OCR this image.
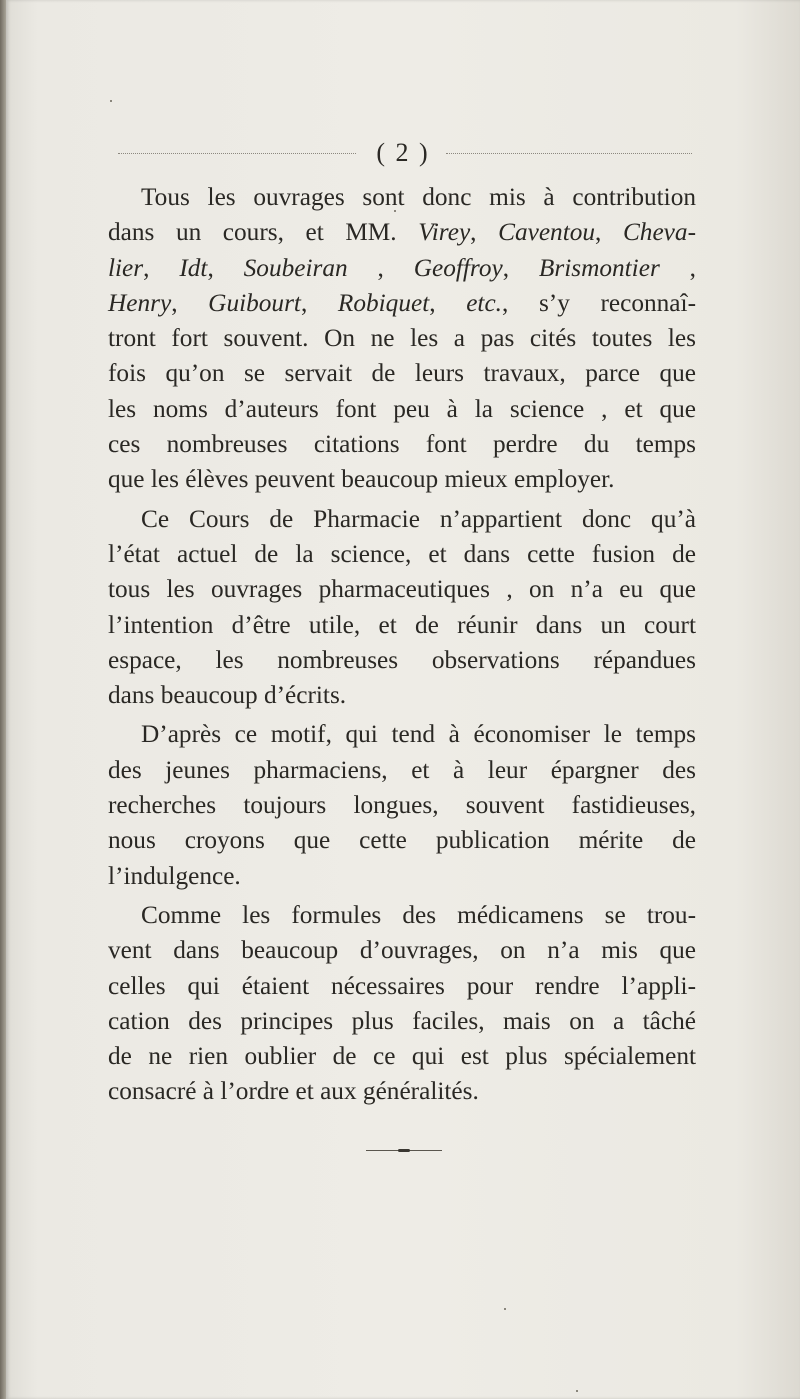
( 2 )
Tous les ouvrages sont donc mis à contribution
dans un cours, et MM. Virey, Caventou, Cheva-
lier, Idt, Soubeiran , Geoffroy, Brismontier ,
Henry, Guibourt, Robiquet, etc., s’y reconnaî-
tront fort souvent. On ne les a pas cités toutes les
fois qu’on se servait de leurs travaux, parce que
les noms d’auteurs font peu à la science , et que
ces nombreuses citations font perdre du temps
que les élèves peuvent beaucoup mieux employer.
Ce Cours de Pharmacie n’appartient donc qu’à
l’état actuel de la science, et dans cette fusion de
tous les ouvrages pharmaceutiques , on n’a eu que
l’intention d’être utile, et de réunir dans un court
espace, les nombreuses observations répandues
dans beaucoup d’écrits.
D’après ce motif, qui tend à économiser le temps
des jeunes pharmaciens, et à leur épargner des
recherches toujours longues, souvent fastidieuses,
nous croyons que cette publication mérite de
l’indulgence.
Comme les formules des médicamens se trou-
vent dans beaucoup d’ouvrages, on n’a mis que
celles qui étaient nécessaires pour rendre l’appli-
cation des principes plus faciles, mais on a tâché
de ne rien oublier de ce qui est plus spécialement
consacré à l’ordre et aux généralités.
